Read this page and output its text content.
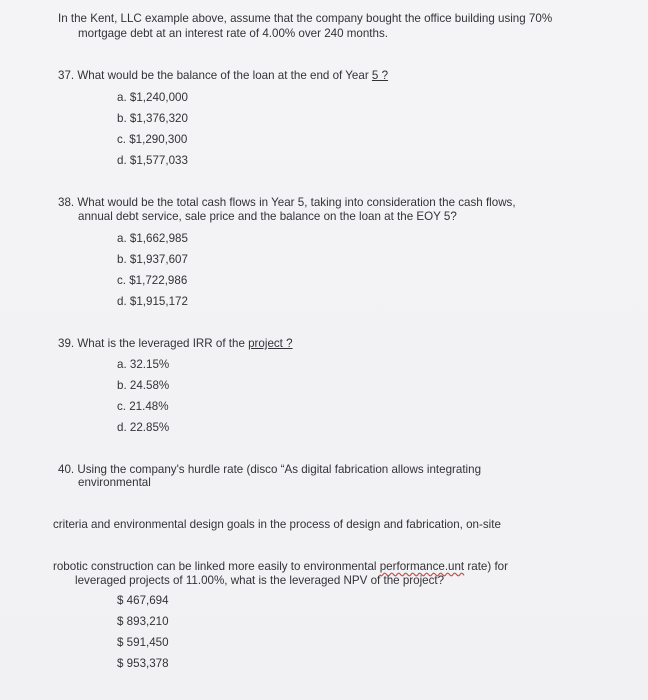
In the Kent, LLC example above, assume that the company bought the office building using 70%
mortgage debt at an interest rate of 4.00% over 240 months.
37. What would be the balance of the loan at the end of Year 5 ?
a. $1,240,000
b. $1,376,320
c. $1,290,300
d. $1,577,033
38. What would be the total cash flows in Year 5, taking into consideration the cash flows,
annual debt service, sale price and the balance on the loan at the EOY 5?
a. $1,662,985
b. $1,937,607
c. $1,722,986
d. $1,915,172
39. What is the leveraged IRR of the project ?
a. 32.15%
b. 24.58%
c. 21.48%
d. 22.85%
40. Using the company's hurdle rate (disco “As digital fabrication allows integrating
environmental
criteria and environmental design goals in the process of design and fabrication, on-site
robotic construction can be linked more easily to environmental performance.unt rate) for
leveraged projects of 11.00%, what is the leveraged NPV of the project?
$ 467,694
$ 893,210
$ 591,450
$ 953,378
